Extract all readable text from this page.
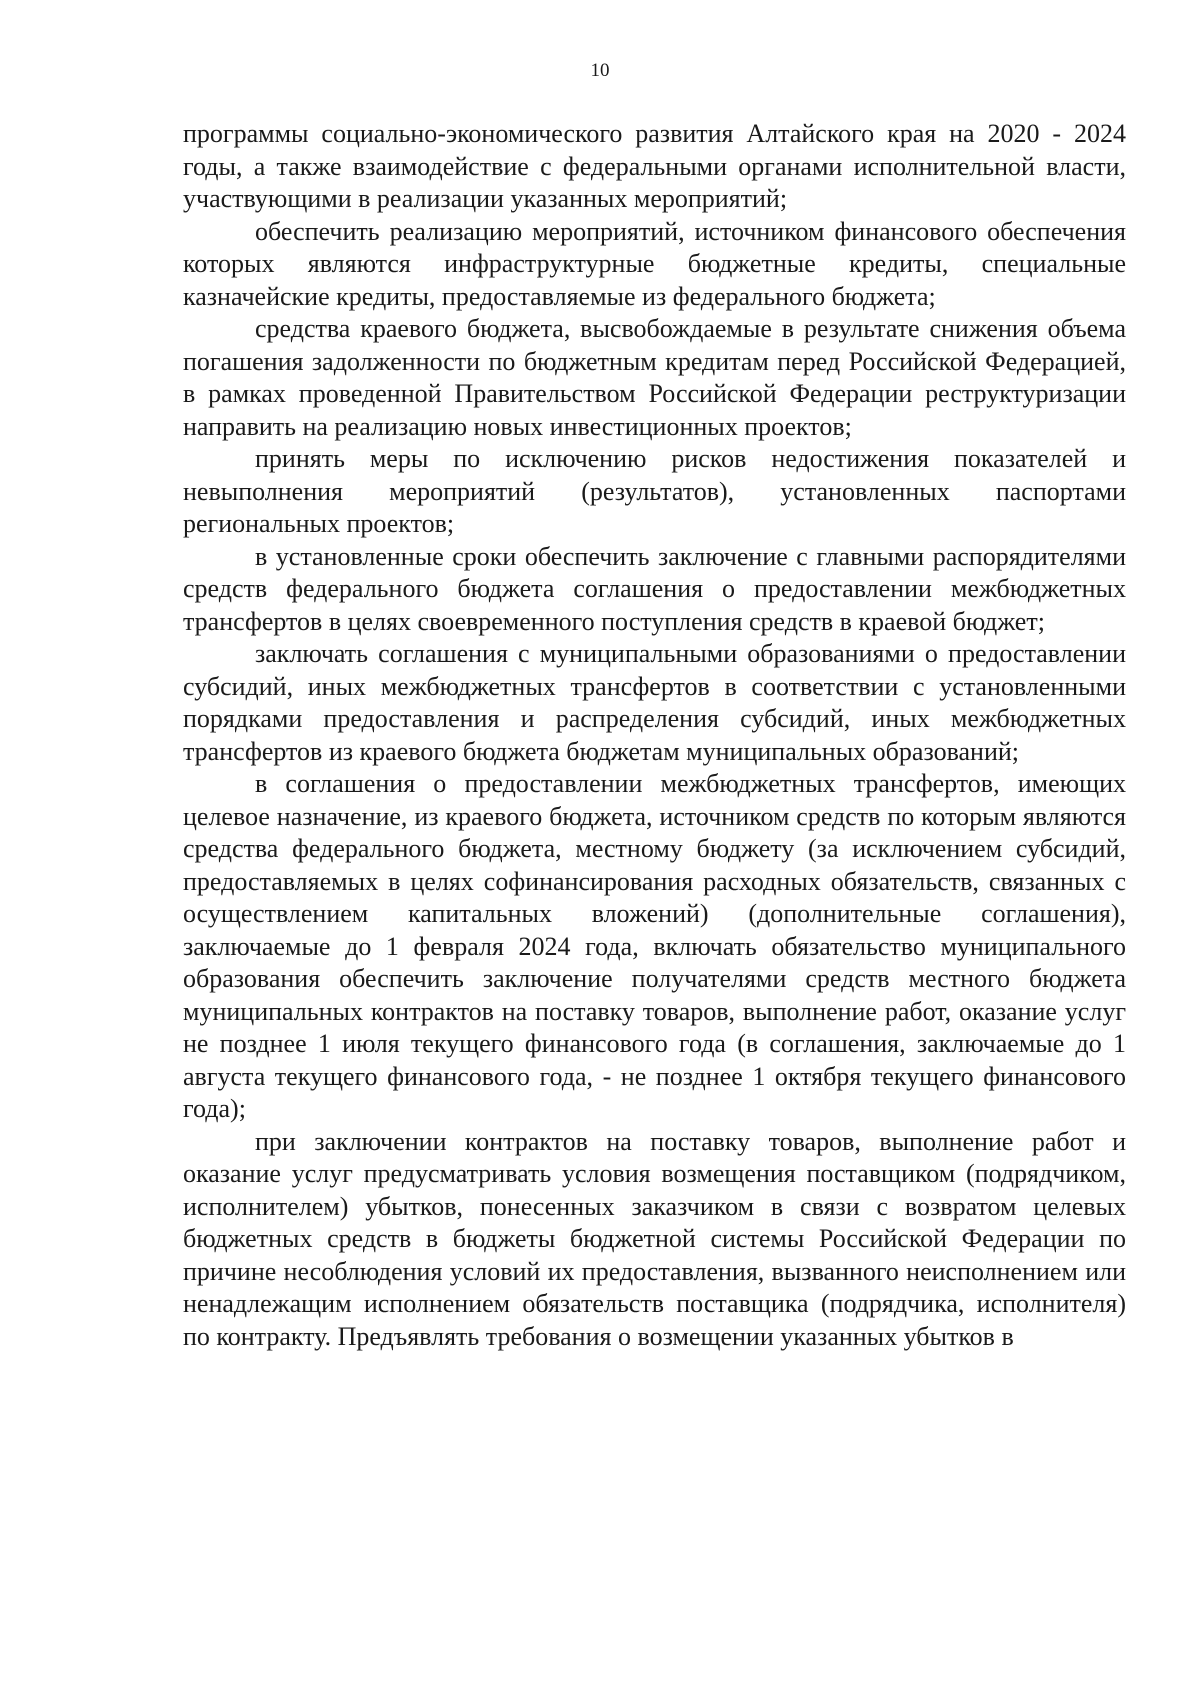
10

программы социально-экономического развития Алтайского края на 2020 - 2024 годы, а также взаимодействие с федеральными органами исполнительной власти, участвующими в реализации указанных мероприятий;

обеспечить реализацию мероприятий, источником финансового обеспечения которых являются инфраструктурные бюджетные кредиты, специальные казначейские кредиты, предоставляемые из федерального бюджета;

средства краевого бюджета, высвобождаемые в результате снижения объема погашения задолженности по бюджетным кредитам перед Российской Федерацией, в рамках проведенной Правительством Российской Федерации реструктуризации направить на реализацию новых инвестиционных проектов;

принять меры по исключению рисков недостижения показателей и невыполнения мероприятий (результатов), установленных паспортами региональных проектов;

в установленные сроки обеспечить заключение с главными распорядителями средств федерального бюджета соглашения о предоставлении межбюджетных трансфертов в целях своевременного поступления средств в краевой бюджет;

заключать соглашения с муниципальными образованиями о предоставлении субсидий, иных межбюджетных трансфертов в соответствии с установленными порядками предоставления и распределения субсидий, иных межбюджетных трансфертов из краевого бюджета бюджетам муниципальных образований;

в соглашения о предоставлении межбюджетных трансфертов, имеющих целевое назначение, из краевого бюджета, источником средств по которым являются средства федерального бюджета, местному бюджету (за исключением субсидий, предоставляемых в целях софинансирования расходных обязательств, связанных с осуществлением капитальных вложений) (дополнительные соглашения), заключаемые до 1 февраля 2024 года, включать обязательство муниципального образования обеспечить заключение получателями средств местного бюджета муниципальных контрактов на поставку товаров, выполнение работ, оказание услуг не позднее 1 июля текущего финансового года (в соглашения, заключаемые до 1 августа текущего финансового года, - не позднее 1 октября текущего финансового года);

при заключении контрактов на поставку товаров, выполнение работ и оказание услуг предусматривать условия возмещения поставщиком (подрядчиком, исполнителем) убытков, понесенных заказчиком в связи с возвратом целевых бюджетных средств в бюджеты бюджетной системы Российской Федерации по причине несоблюдения условий их предоставления, вызванного неисполнением или ненадлежащим исполнением обязательств поставщика (подрядчика, исполнителя) по контракту. Предъявлять требования о возмещении указанных убытков в
